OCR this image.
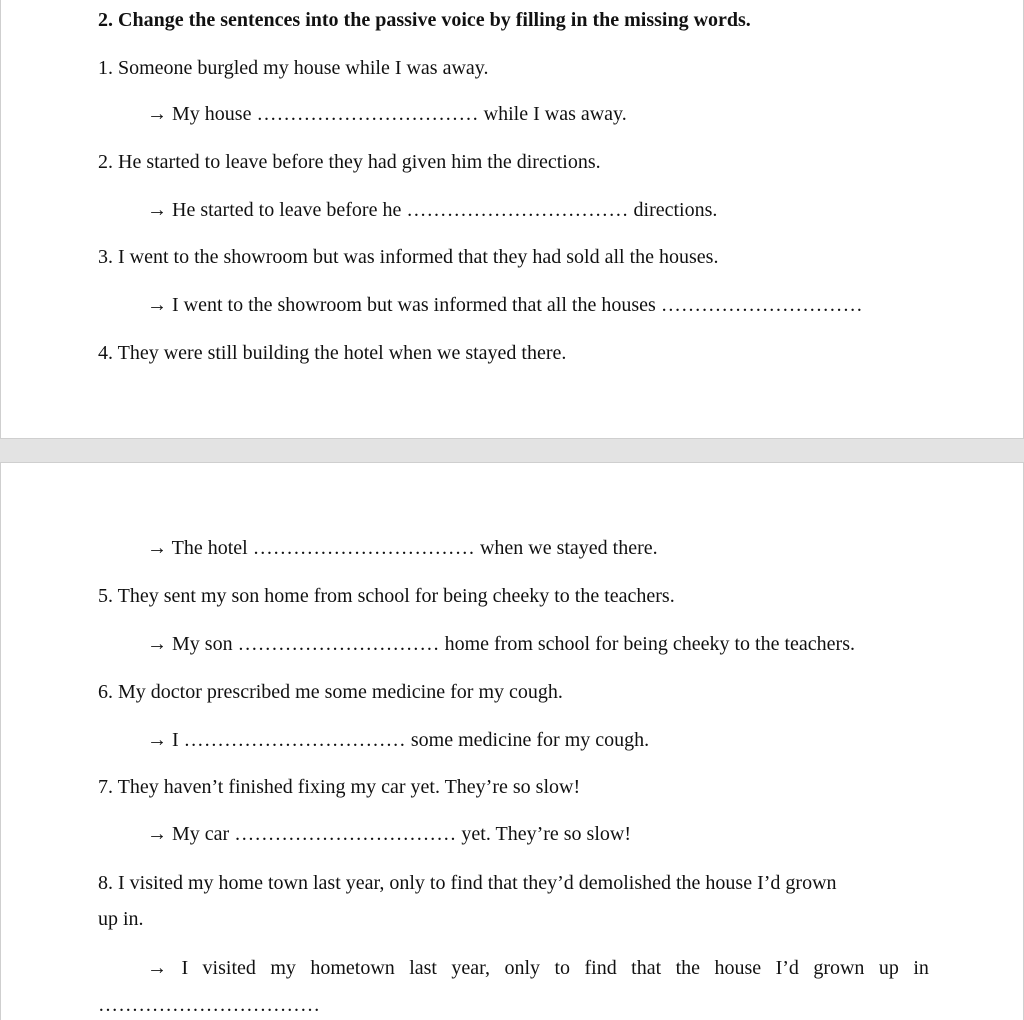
2. Change the sentences into the passive voice by filling in the missing words.
1. Someone burgled my house while I was away.
→ My house …………………………… while I was away.
2. He started to leave before they had given him the directions.
→ He started to leave before he …………………………… directions.
3. I went to the showroom but was informed that they had sold all the houses.
→ I went to the showroom but was informed that all the houses …………………………
4. They were still building the hotel when we stayed there.
→ The hotel …………………………… when we stayed there.
5. They sent my son home from school for being cheeky to the teachers.
→ My son ………………………… home from school for being cheeky to the teachers.
6. My doctor prescribed me some medicine for my cough.
→ I …………………………… some medicine for my cough.
7. They haven’t finished fixing my car yet. They’re so slow!
→ My car …………………………… yet. They’re so slow!
8. I visited my home town last year, only to find that they’d demolished the house I’d grown
up in.
→ I visited my hometown last year, only to find that the house I’d grown up in
……………………………
